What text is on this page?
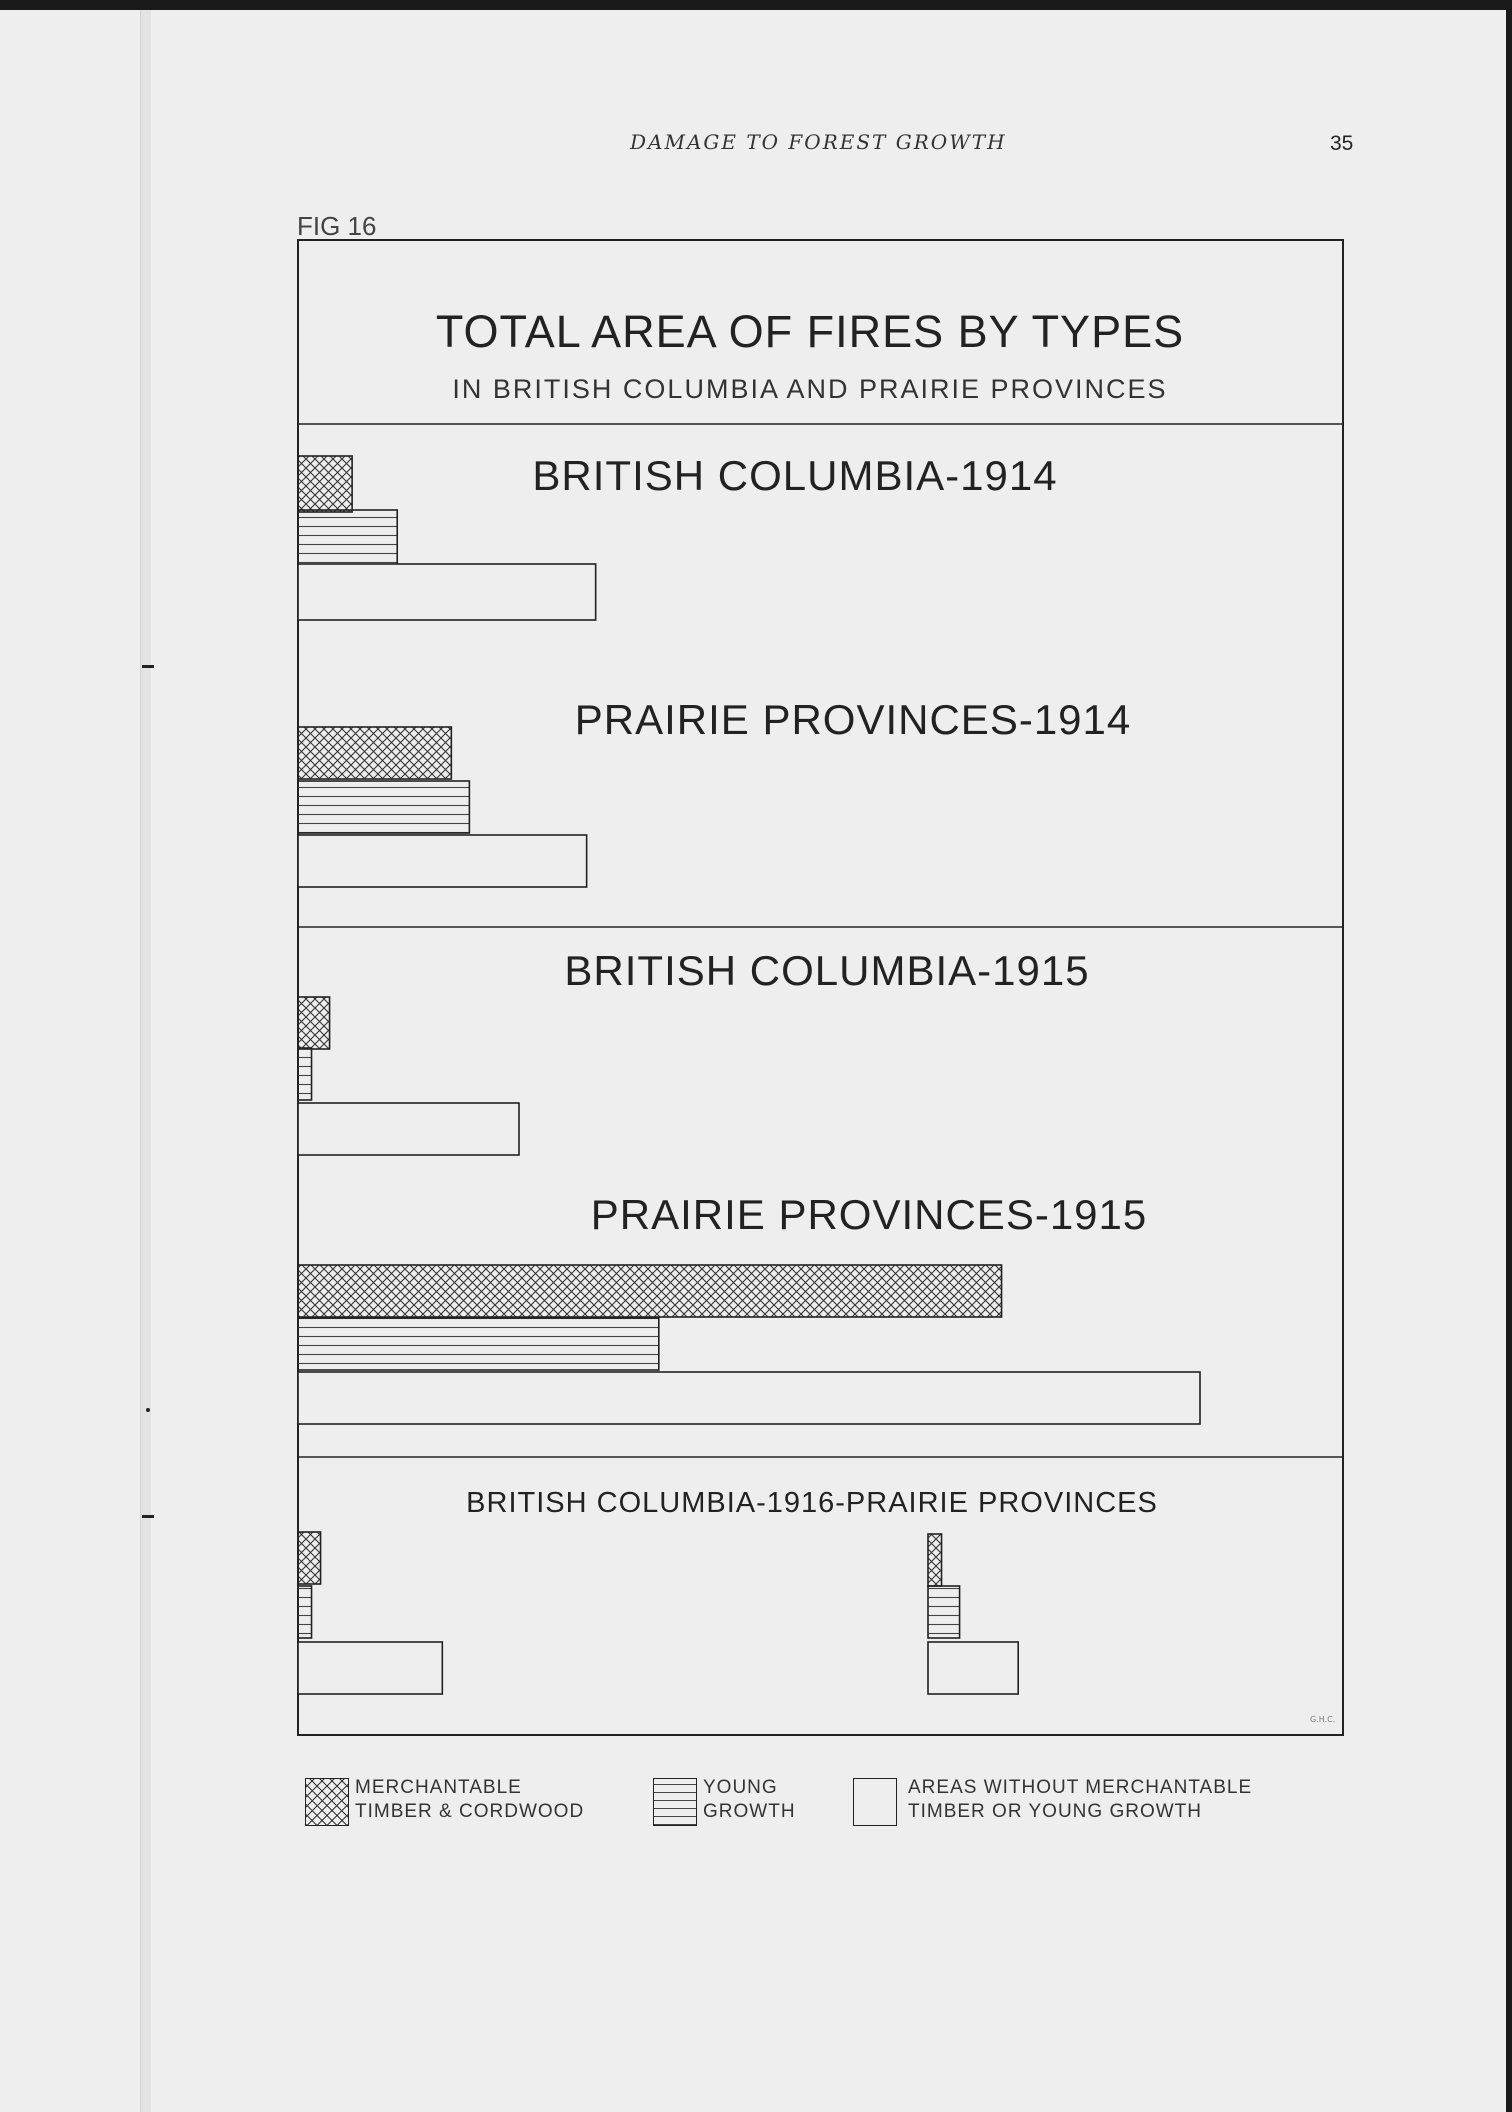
DAMAGE TO FOREST GROWTH	35
FIG 16
TOTAL AREA OF FIRES BY TYPES
IN BRITISH COLUMBIA AND PRAIRIE PROVINCES
BRITISH COLUMBIA-1914
PRAIRIE PROVINCES-1914
BRITISH COLUMBIA-1915
PRAIRIE PROVINCES-1915
BRITISH COLUMBIA-1916-PRAIRIE PROVINCES
G.H.C.
MERCHANTABLE
TIMBER & CORDWOOD
YOUNG
GROWTH
AREAS WITHOUT MERCHANTABLE
TIMBER OR YOUNG GROWTH
